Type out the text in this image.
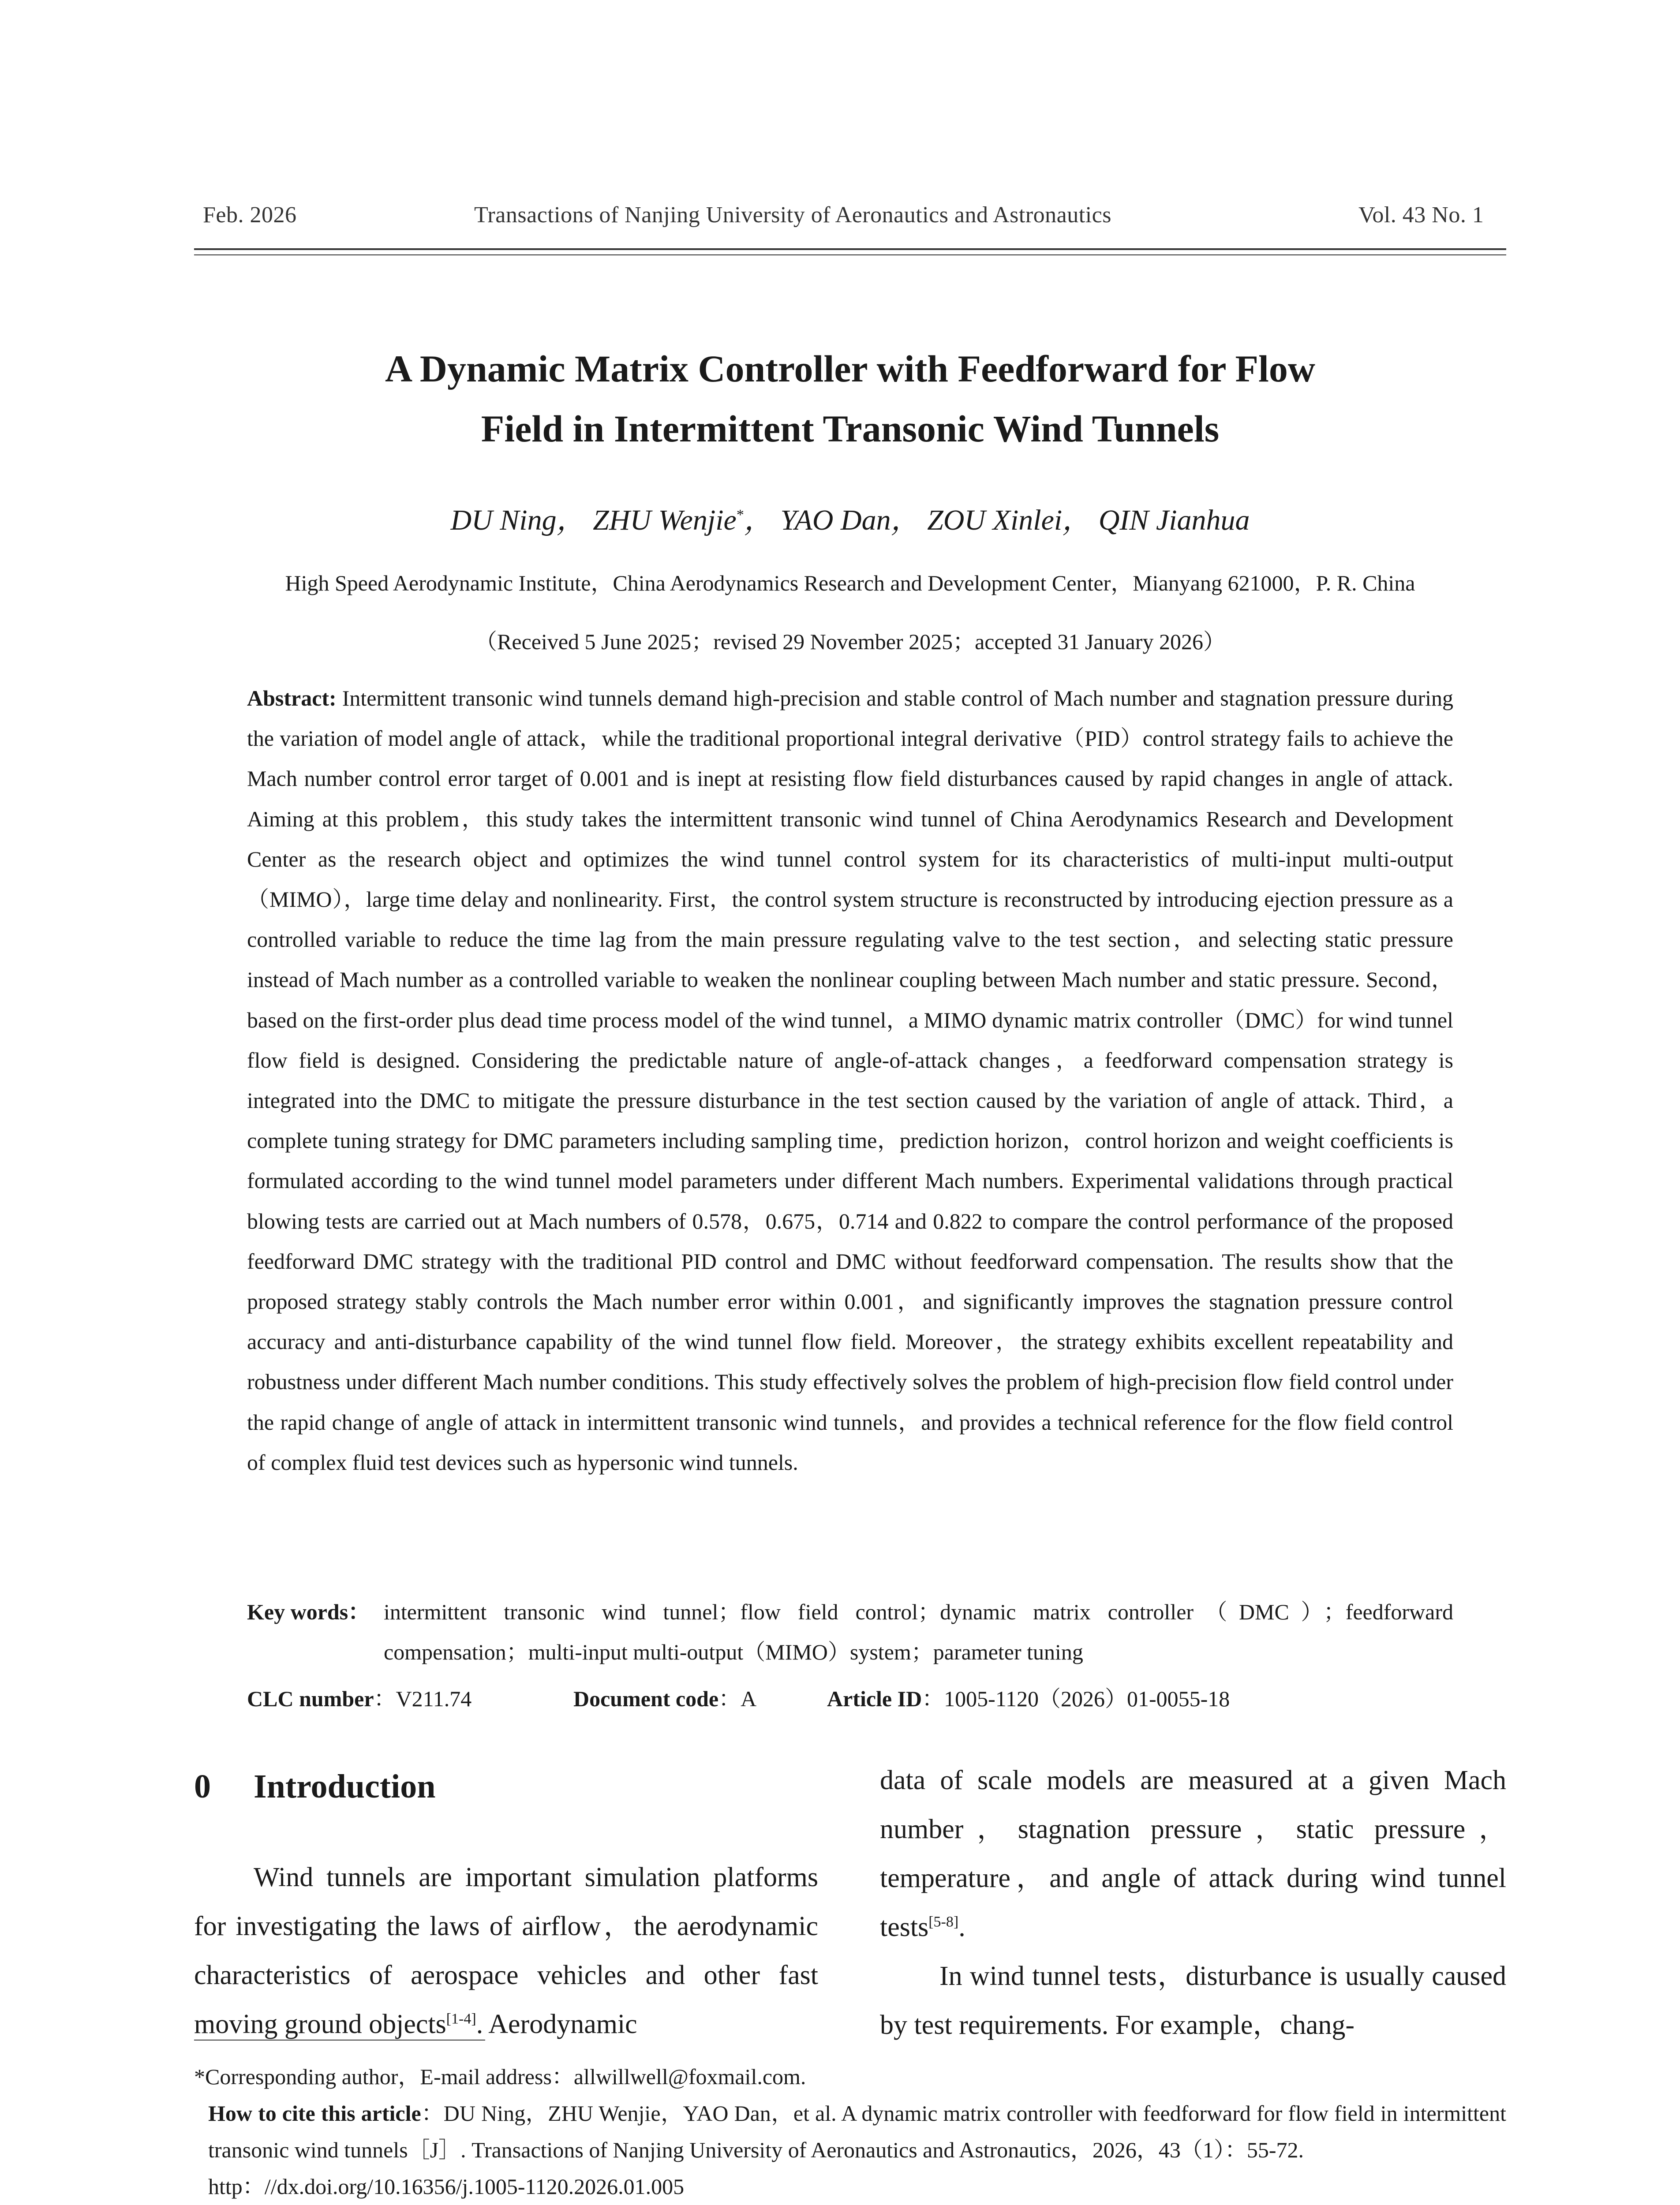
Feb. 2026	Transactions of Nanjing University of Aeronautics and Astronautics	Vol. 43 No. 1
A Dynamic Matrix Controller with Feedforward for Flow
Field in Intermittent Transonic Wind Tunnels
DU Ning， ZHU Wenjie*， YAO Dan， ZOU Xinlei， QIN Jianhua
High Speed Aerodynamic Institute，China Aerodynamics Research and Development Center，Mianyang 621000，P. R. China
（Received 5 June 2025；revised 29 November 2025；accepted 31 January 2026）
Abstract: Intermittent transonic wind tunnels demand high-precision and stable control of Mach number and stagnation pressure during the variation of model angle of attack，while the traditional proportional integral derivative（PID）control strategy fails to achieve the Mach number control error target of 0.001 and is inept at resisting flow field disturbances caused by rapid changes in angle of attack. Aiming at this problem，this study takes the intermittent transonic wind tunnel of China Aerodynamics Research and Development Center as the research object and optimizes the wind tunnel control system for its characteristics of multi-input multi-output（MIMO），large time delay and nonlinearity. First，the control system structure is reconstructed by introducing ejection pressure as a controlled variable to reduce the time lag from the main pressure regulating valve to the test section，and selecting static pressure instead of Mach number as a controlled variable to weaken the nonlinear coupling between Mach number and static pressure. Second，based on the first-order plus dead time process model of the wind tunnel，a MIMO dynamic matrix controller（DMC）for wind tunnel flow field is designed. Considering the predictable nature of angle-of-attack changes，a feedforward compensation strategy is integrated into the DMC to mitigate the pressure disturbance in the test section caused by the variation of angle of attack. Third，a complete tuning strategy for DMC parameters including sampling time，prediction horizon，control horizon and weight coefficients is formulated according to the wind tunnel model parameters under different Mach numbers. Experimental validations through practical blowing tests are carried out at Mach numbers of 0.578，0.675，0.714 and 0.822 to compare the control performance of the proposed feedforward DMC strategy with the traditional PID control and DMC without feedforward compensation. The results show that the proposed strategy stably controls the Mach number error within 0.001，and significantly improves the stagnation pressure control accuracy and anti-disturbance capability of the wind tunnel flow field. Moreover，the strategy exhibits excellent repeatability and robustness under different Mach number conditions. This study effectively solves the problem of high-precision flow field control under the rapid change of angle of attack in intermittent transonic wind tunnels，and provides a technical reference for the flow field control of complex fluid test devices such as hypersonic wind tunnels.
Key words： intermittent transonic wind tunnel；flow field control；dynamic matrix controller（DMC）；feedforward compensation；multi-input multi-output（MIMO）system；parameter tuning
CLC number：V211.74	Document code：A	Article ID：1005-1120（2026）01-0055-18
0 Introduction

Wind tunnels are important simulation platforms for investigating the laws of airflow，the aerodynamic characteristics of aerospace vehicles and other fast moving ground objects[1-4]. Aerodynamic

data of scale models are measured at a given Mach number，stagnation pressure，static pressure，temperature，and angle of attack during wind tunnel tests[5-8].

In wind tunnel tests，disturbance is usually caused by test requirements. For example，chang-

*Corresponding author，E-mail address：allwillwell@foxmail.com.
How to cite this article：DU Ning，ZHU Wenjie，YAO Dan，et al. A dynamic matrix controller with feedforward for flow field in intermittent transonic wind tunnels［J］. Transactions of Nanjing University of Aeronautics and Astronautics，2026，43（1）：55-72.
http：//dx.doi.org/10.16356/j.1005-1120.2026.01.005
